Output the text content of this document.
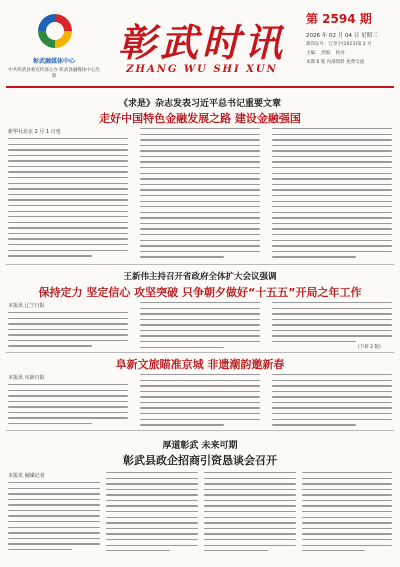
彰武融媒体中心
中共彰武县委宣传部主办 彰武县融媒体中心出版
彰武时讯
ZHANG WU SHI XUN
第 2594 期
2026 年 02 月 04 日 星期三
准印证号：辽阜字(2023)第 2 号
主编： 责编： 校对：
本期 8 版 内部资料 免费交流
《求是》杂志发表习近平总书记重要文章
走好中国特色金融发展之路 建设金融强国
新华社北京 2 月 1 日电
王新伟主持召开省政府全体扩大会议强调
保持定力 坚定信心 攻坚突破 只争朝夕做好“十五五”开局之年工作
本报讯 辽宁日报
(下转 2 版)
阜新文旅瞄准京城 非遗潮韵邀新春
本报讯 阜新日报
厚道彰武 未来可期
彰武县政企招商引资恳谈会召开
本报讯 融媒记者
